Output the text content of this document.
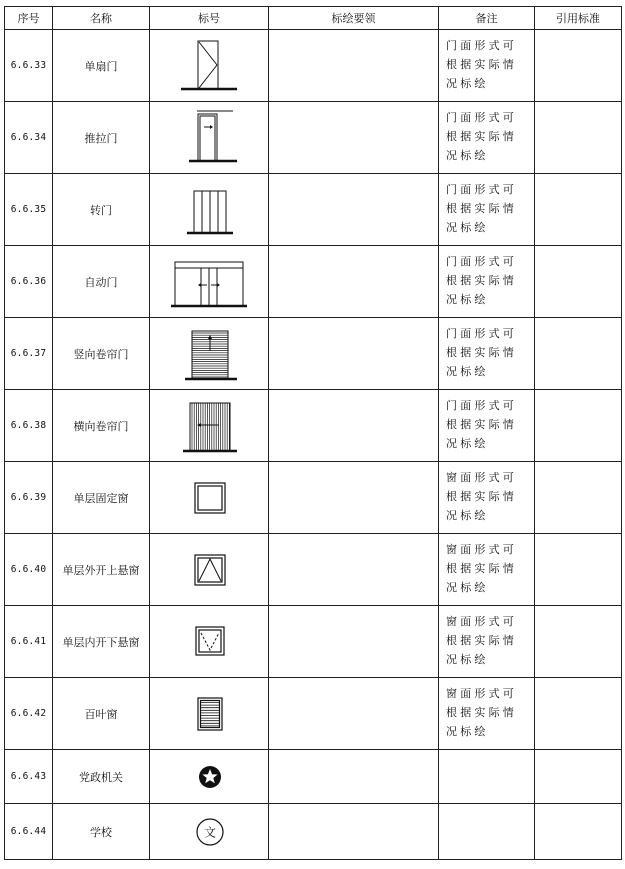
序号	名称	标号	标绘要领	备注	引用标准
6.6.33	单扇门			门面形式可根据实际情况标绘	

6.6.34	推拉门			门面形式可根据实际情况标绘	

6.6.35	转门			门面形式可根据实际情况标绘	

6.6.36	自动门			门面形式可根据实际情况标绘	

6.6.37	竖向卷帘门			门面形式可根据实际情况标绘	

6.6.38	横向卷帘门			门面形式可根据实际情况标绘	

6.6.39	单层固定窗			窗面形式可根据实际情况标绘	

6.6.40	单层外开上悬窗			窗面形式可根据实际情况标绘	

6.6.41	单层内开下悬窗			窗面形式可根据实际情况标绘	

6.6.42	百叶窗			窗面形式可根据实际情况标绘	

6.6.43	党政机关	

6.6.44	学校	文			
